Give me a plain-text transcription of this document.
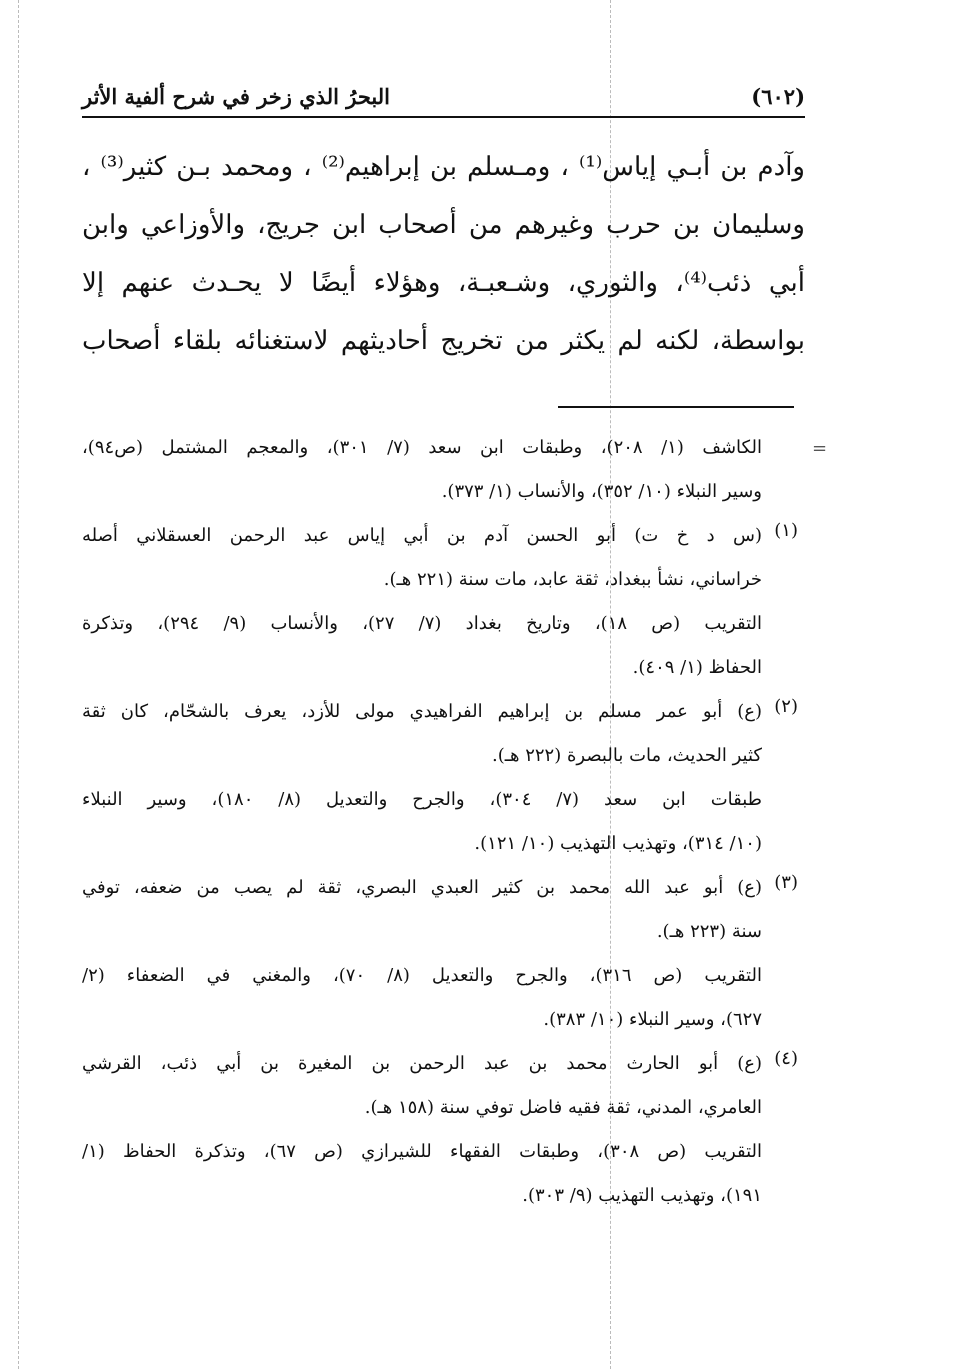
البحرُ الذي زخر في شرح ألفية الأثر	(٦٠٢)
وآدم بن أبـي إياس⁽¹⁾ ، ومـسلم بن إبراهيم⁽²⁾ ، ومحمد بـن كثير⁽³⁾ ،
وسليمان بن حرب وغيرهم من أصحاب ابن جريج، والأوزاعي وابن
أبي ذئب⁽⁴⁾، والثوري، وشـعبـة، وهؤلاء أيضًا لا يحـدث عنهم إلا
بواسطة، لكنه لم يكثر من تخريج أحاديثهم لاستغنائه بلقاء أصحاب
=
الكاشف (١/ ٢٠٨)، وطبقات ابن سعد (٧/ ٣٠١)، والمعجم المشتمل (ص٩٤)،
وسير النبلاء (١٠/ ٣٥٢)، والأنساب (١/ ٣٧٣).
(١)
(س د خ ت) أبو الحسن آدم بن أبي إياس عبد الرحمن العسقلاني أصله
خراساني، نشأ ببغداد، ثقة عابد، مات سنة (٢٢١ هـ).
التقريب (ص ١٨)، وتاريخ بغداد (٧/ ٢٧)، والأنساب (٩/ ٢٩٤)، وتذكرة
الحفاظ (١/ ٤٠٩).
(٢)
(ع) أبو عمر مسلم بن إبراهيم الفراهيدي مولى للأزد، يعرف بالشحّام، كان ثقة
كثير الحديث، مات بالبصرة (٢٢٢ هـ).
طبقات ابن سعد (٧/ ٣٠٤)، والجرح والتعديل (٨/ ١٨٠)، وسير النبلاء
(١٠/ ٣١٤)، وتهذيب التهذيب (١٠/ ١٢١).
(٣)
(ع) أبو عبد الله محمد بن كثير العبدي البصري، ثقة لم يصب من ضعفه، توفي
سنة (٢٢٣ هـ).
التقريب (ص ٣١٦)، والجرح والتعديل (٨/ ٧٠)، والمغني في الضعفاء (٢/
٦٢٧)، وسير النبلاء (١٠/ ٣٨٣).
(٤)
(ع) أبو الحارث محمد بن عبد الرحمن بن المغيرة بن أبي ذئب، القرشي
العامري، المدني، ثقة فقيه فاضل توفي سنة (١٥٨ هـ).
التقريب (ص ٣٠٨)، وطبقات الفقهاء للشيرازي (ص ٦٧)، وتذكرة الحفاظ (١/
١٩١)، وتهذيب التهذيب (٩/ ٣٠٣).
